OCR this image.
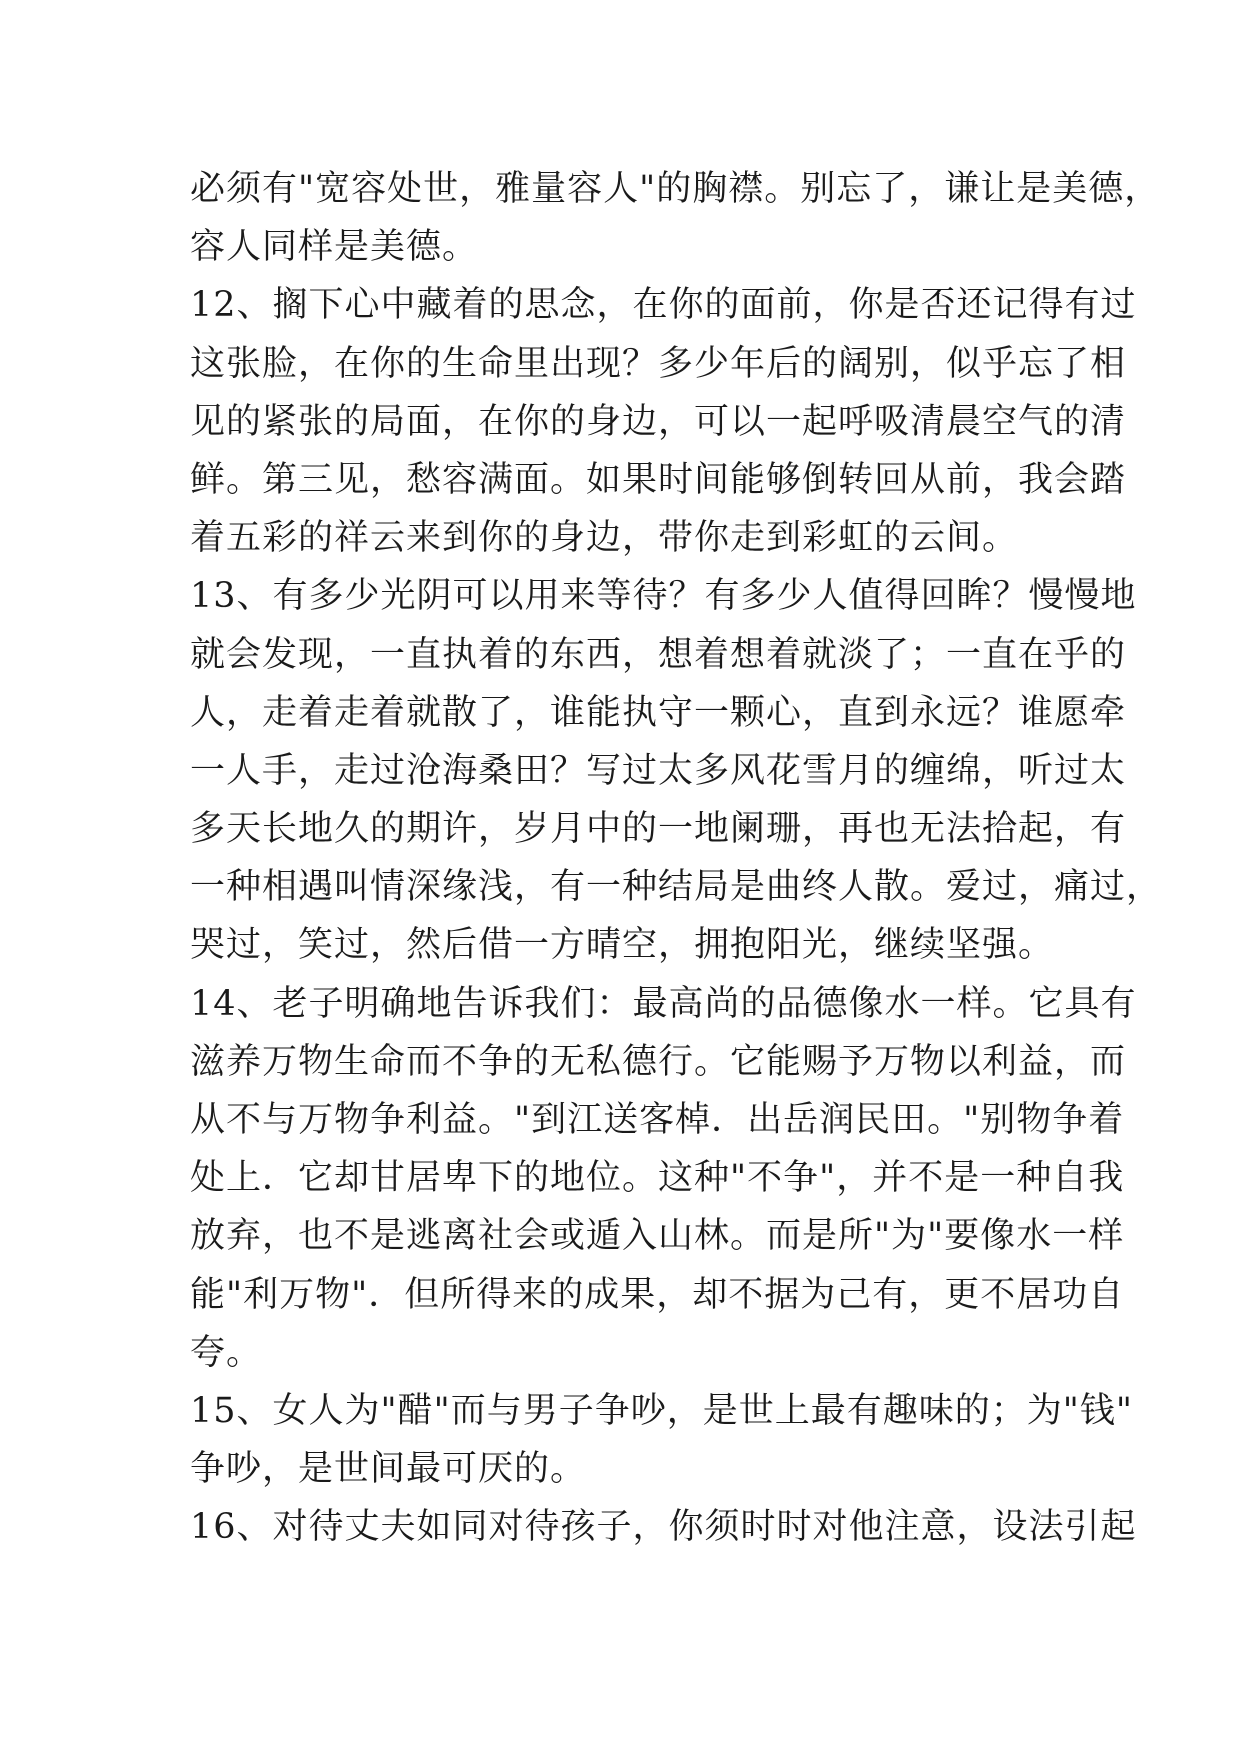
必须有"宽容处世，雅量容人"的胸襟。别忘了，谦让是美德，
容人同样是美德。
12、搁下心中藏着的思念，在你的面前，你是否还记得有过
这张脸，在你的生命里出现？多少年后的阔别，似乎忘了相
见的紧张的局面，在你的身边，可以一起呼吸清晨空气的清
鲜。第三见，愁容满面。如果时间能够倒转回从前，我会踏
着五彩的祥云来到你的身边，带你走到彩虹的云间。
13、有多少光阴可以用来等待？有多少人值得回眸？慢慢地
就会发现，一直执着的东西，想着想着就淡了；一直在乎的
人，走着走着就散了，谁能执守一颗心，直到永远？谁愿牵
一人手，走过沧海桑田？写过太多风花雪月的缠绵，听过太
多天长地久的期许，岁月中的一地阑珊，再也无法拾起，有
一种相遇叫情深缘浅，有一种结局是曲终人散。爱过，痛过，
哭过，笑过，然后借一方晴空，拥抱阳光，继续坚强。
14、老子明确地告诉我们：最高尚的品德像水一样。它具有
滋养万物生命而不争的无私德行。它能赐予万物以利益，而
从不与万物争利益。"到江送客棹．出岳润民田。"别物争着
处上．它却甘居卑下的地位。这种"不争"，并不是一种自我
放弃，也不是逃离社会或遁入山林。而是所"为"要像水一样
能"利万物"．但所得来的成果，却不据为己有，更不居功自
夸。
15、女人为"醋"而与男子争吵，是世上最有趣味的；为"钱"
争吵，是世间最可厌的。
16、对待丈夫如同对待孩子，你须时时对他注意，设法引起
